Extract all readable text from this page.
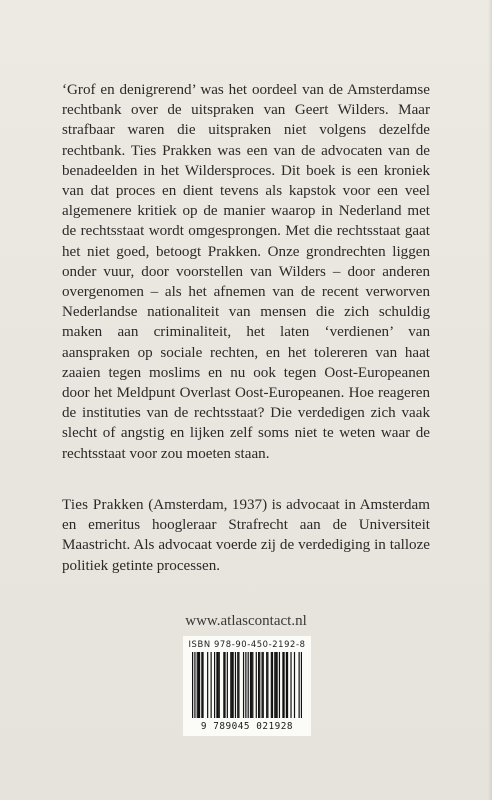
‘Grof en denigrerend’ was het oordeel van de Amsterdamse rechtbank over de uitspraken van Geert Wilders. Maar strafbaar waren die uitspraken niet volgens dezelfde rechtbank. Ties Prakken was een van de advocaten van de benadeelden in het Wildersproces. Dit boek is een kroniek van dat proces en dient tevens als kapstok voor een veel algemenere kritiek op de manier waarop in Nederland met de rechtsstaat wordt omgesprongen. Met die rechtsstaat gaat het niet goed, betoogt Prakken. Onze grondrechten liggen onder vuur, door voorstellen van Wilders – door anderen overgenomen – als het afnemen van de recent verworven Nederlandse nationaliteit van mensen die zich schuldig maken aan criminaliteit, het laten ‘verdienen’ van aanspraken op sociale rechten, en het tolereren van haat zaaien tegen moslims en nu ook tegen Oost-Europeanen door het Meldpunt Overlast Oost-Europeanen. Hoe reageren de instituties van de rechtsstaat? Die verdedigen zich vaak slecht of angstig en lijken zelf soms niet te weten waar de rechtsstaat voor zou moeten staan.

Ties Prakken (Amsterdam, 1937) is advocaat in Amsterdam en emeritus hoogleraar Strafrecht aan de Universiteit Maastricht. Als advocaat voerde zij de verdediging in talloze politiek getinte processen.

www.atlascontact.nl
ISBN 978-90-450-2192-8
9 789045 021928
